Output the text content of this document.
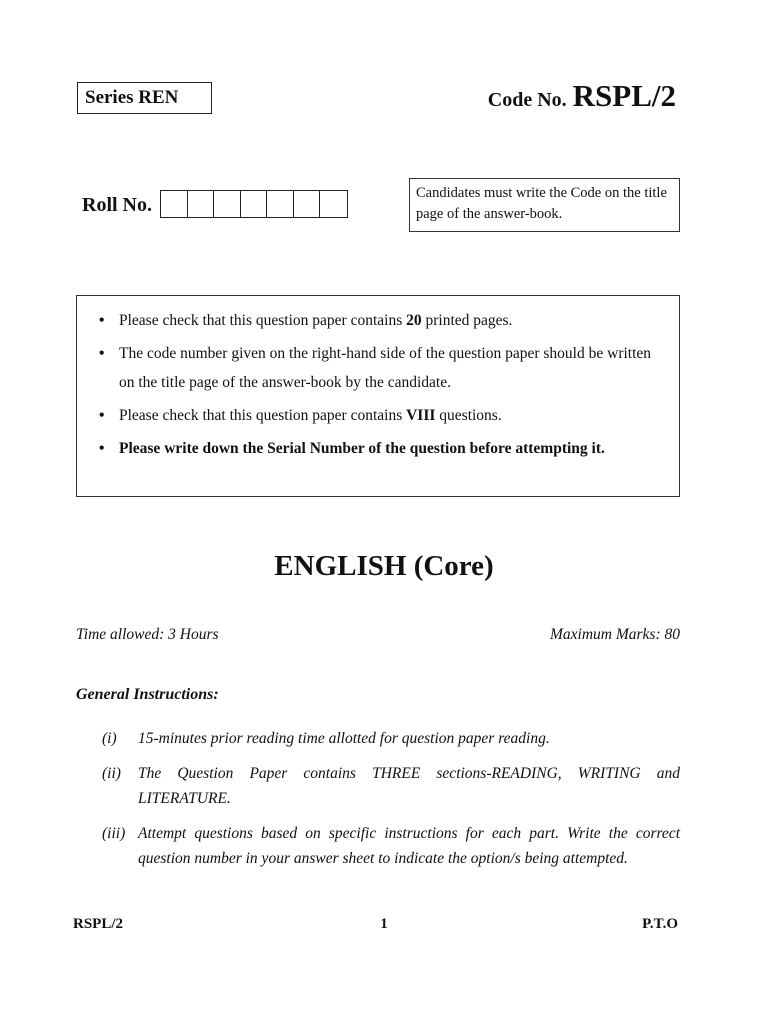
Series REN	Code No. RSPL/2
Roll No.
Candidates must write the Code on the title page of the answer-book.
• Please check that this question paper contains 20 printed pages.
• The code number given on the right-hand side of the question paper should be written on the title page of the answer-book by the candidate.
• Please check that this question paper contains VIII questions.
• Please write down the Serial Number of the question before attempting it.
ENGLISH (Core)
Time allowed: 3 Hours	Maximum Marks: 80
General Instructions:
(i)	15-minutes prior reading time allotted for question paper reading.
(ii)	The Question Paper contains THREE sections-READING, WRITING and LITERATURE.
(iii) Attempt questions based on specific instructions for each part. Write the correct question number in your answer sheet to indicate the option/s being attempted.
RSPL/2	1	P.T.O
